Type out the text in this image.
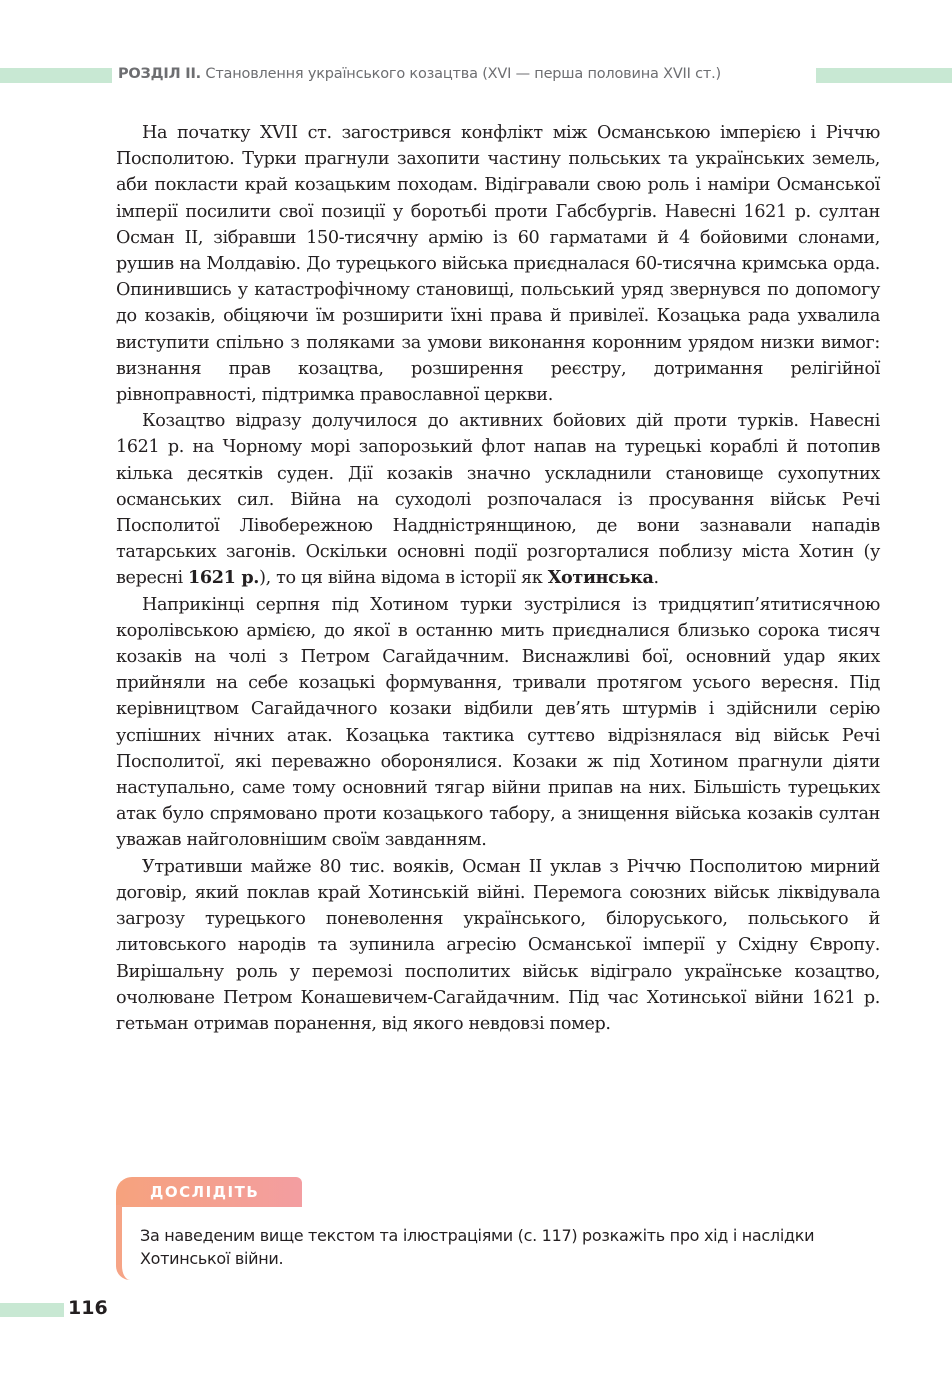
РОЗДІЛ ІІ. Становлення українського козацтва (XVI — перша половина XVII ст.)

На початку XVII ст. загострився конфлікт між Османською імперією і Річчю Посполитою. Турки прагнули захопити частину польських та українських земель, аби покласти край козацьким походам. Відігравали свою роль і наміри Османської імперії посилити свої позиції у боротьбі проти Габсбургів. Навесні 1621 р. султан Осман II, зібравши 150-тисячну армію із 60 гарматами й 4 бойовими слонами, рушив на Молдавію. До турецького війська приєдналася 60-тисячна кримська орда. Опинившись у катастрофічному становищі, польський уряд звернувся по допомогу до козаків, обіцяючи їм розширити їхні права й привілеї. Козацька рада ухвалила виступити спільно з поляками за умови виконання коронним урядом низки вимог: визнання прав козацтва, розширення реєстру, дотримання релігійної рівноправності, підтримка православної церкви.

Козацтво відразу долучилося до активних бойових дій проти турків. Навесні 1621 р. на Чорному морі запорозький флот напав на турецькі кораблі й потопив кілька десятків суден. Дії козаків значно ускладнили становище сухопутних османських сил. Війна на суходолі розпочалася із просування військ Речі Посполитої Лівобережною Наддністрянщиною, де вони зазнавали нападів татарських загонів. Оскільки основні події розгорталися поблизу міста Хотин (у вересні 1621 р.), то ця війна відома в історії як Хотинська.

Наприкінці серпня під Хотином турки зустрілися із тридцятип’ятитисячною королівською армією, до якої в останню мить приєдналися близько сорока тисяч козаків на чолі з Петром Сагайдачним. Виснажливі бої, основний удар яких прийняли на себе козацькі формування, тривали протягом усього вересня. Під керівництвом Сагайдачного козаки відбили дев’ять штурмів і здійснили серію успішних нічних атак. Козацька тактика суттєво відрізнялася від військ Речі Посполитої, які переважно оборонялися. Козаки ж під Хотином прагнули діяти наступально, саме тому основний тягар війни припав на них. Більшість турецьких атак було спрямовано проти козацького табору, а знищення війська козаків султан уважав найголовнішим своїм завданням.

Утративши майже 80 тис. вояків, Осман II уклав з Річчю Посполитою мирний договір, який поклав край Хотинській війні. Перемога союзних військ ліквідувала загрозу турецького поневолення українського, білоруського, польського й литовського народів та зупинила агресію Османської імперії у Східну Європу. Вирішальну роль у перемозі посполитих військ відіграло українське козацтво, очолюване Петром Конашевичем-Сагайдачним. Під час Хотинської війни 1621 р. гетьман отримав поранення, від якого невдовзі помер.

ДОСЛІДІТЬ
За наведеним вище текстом та ілюстраціями (с. 117) розкажіть про хід і наслідки Хотинської війни.
116
